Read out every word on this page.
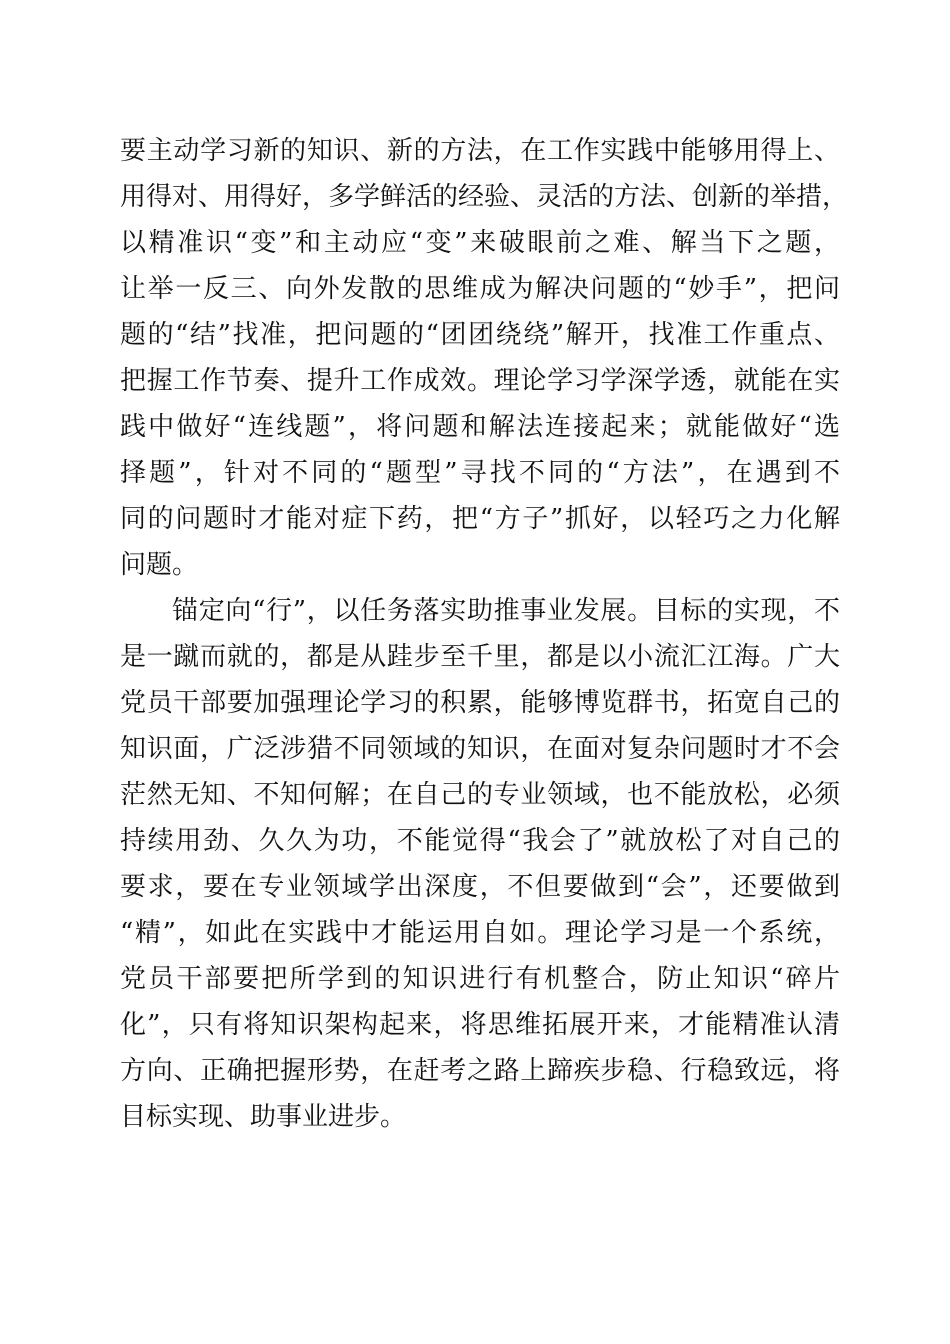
要主动学习新的知识、新的方法，在工作实践中能够用得上、
用得对、用得好，多学鲜活的经验、灵活的方法、创新的举措，
以精准识“变”和主动应“变”来破眼前之难、解当下之题，
让举一反三、向外发散的思维成为解决问题的“妙手”，把问
题的“结”找准，把问题的“团团绕绕”解开，找准工作重点、
把握工作节奏、提升工作成效。理论学习学深学透，就能在实
践中做好“连线题”，将问题和解法连接起来；就能做好“选
择题”，针对不同的“题型”寻找不同的“方法”，在遇到不
同的问题时才能对症下药，把“方子”抓好，以轻巧之力化解
问题。
锚定向“行”，以任务落实助推事业发展。目标的实现，不
是一蹴而就的，都是从跬步至千里，都是以小流汇江海。广大
党员干部要加强理论学习的积累，能够博览群书，拓宽自己的
知识面，广泛涉猎不同领域的知识，在面对复杂问题时才不会
茫然无知、不知何解；在自己的专业领域，也不能放松，必须
持续用劲、久久为功，不能觉得“我会了”就放松了对自己的
要求，要在专业领域学出深度，不但要做到“会”，还要做到
“精”，如此在实践中才能运用自如。理论学习是一个系统，
党员干部要把所学到的知识进行有机整合，防止知识“碎片
化”，只有将知识架构起来，将思维拓展开来，才能精准认清
方向、正确把握形势，在赶考之路上蹄疾步稳、行稳致远，将
目标实现、助事业进步。
